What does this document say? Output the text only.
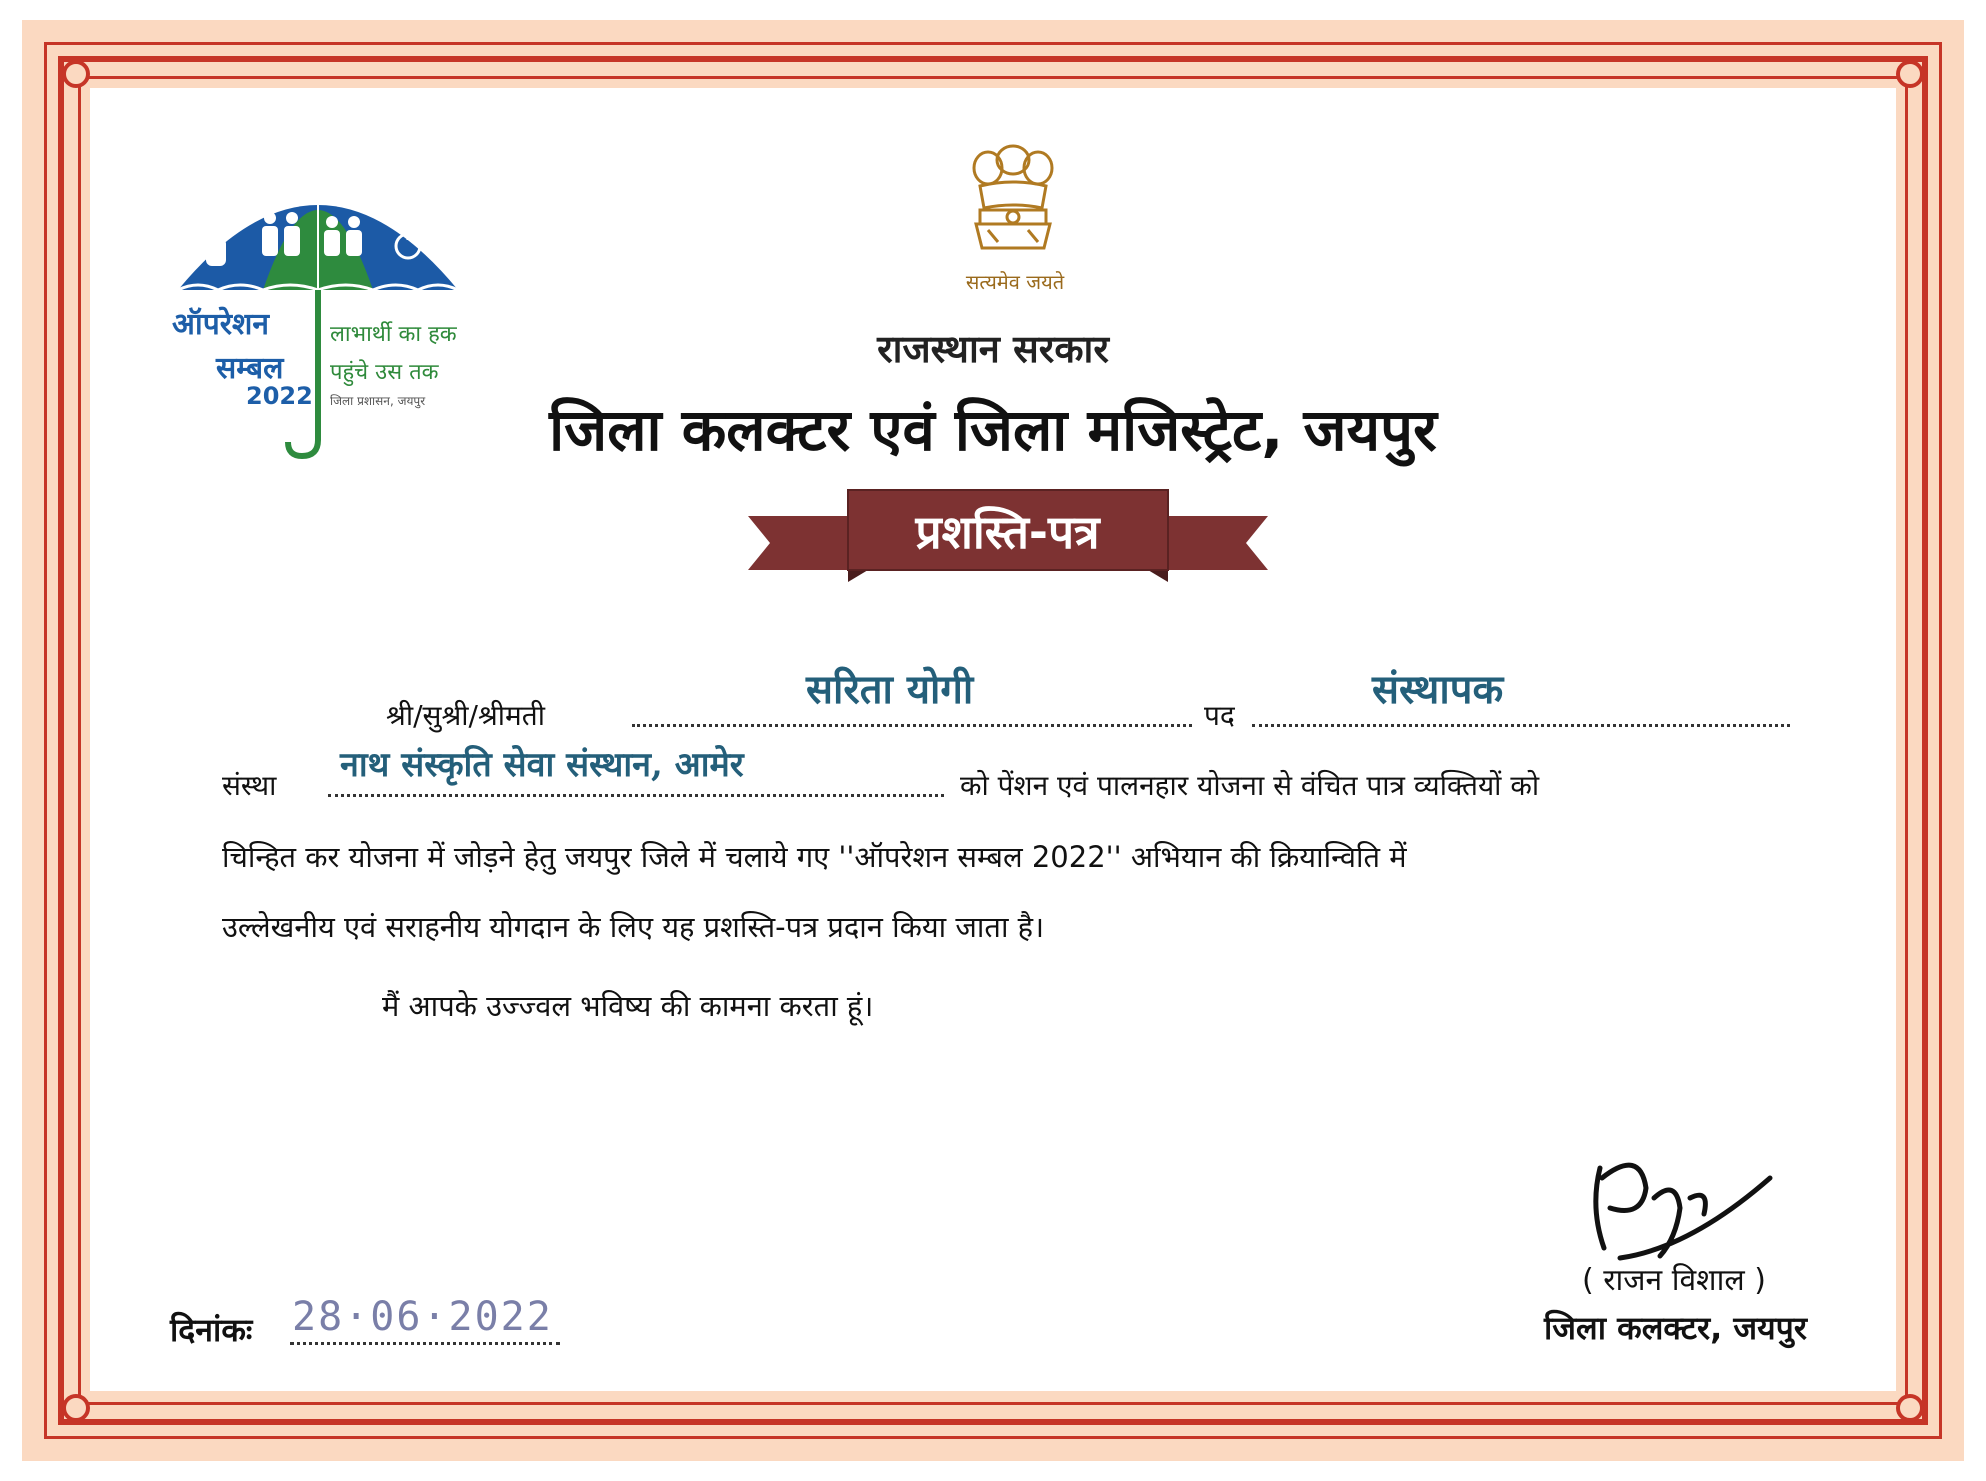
सत्यमेव जयते
ऑपरेशन
सम्बल
2022
लाभार्थी का हक
पहुंचे उस तक
जिला प्रशासन, जयपुर
राजस्थान सरकार
जिला कलक्टर एवं जिला मजिस्ट्रेट, जयपुर
प्रशस्ति-पत्र
श्री/सुश्री/श्रीमती
सरिता योगी
पद
संस्थापक
संस्था
नाथ संस्कृति सेवा संस्थान, आमेर
को पेंशन एवं पालनहार योजना से वंचित पात्र व्यक्तियों को
चिन्हित कर योजना में जोड़ने हेतु जयपुर जिले में चलाये गए ''ऑपरेशन सम्बल 2022'' अभियान की क्रियान्विति में
उल्लेखनीय एवं सराहनीय योगदान के लिए यह प्रशस्ति-पत्र प्रदान किया जाता है।
मैं आपके उज्ज्वल भविष्य की कामना करता हूं।
दिनांकः 28·06·2022
( राजन विशाल )
जिला कलक्टर, जयपुर
